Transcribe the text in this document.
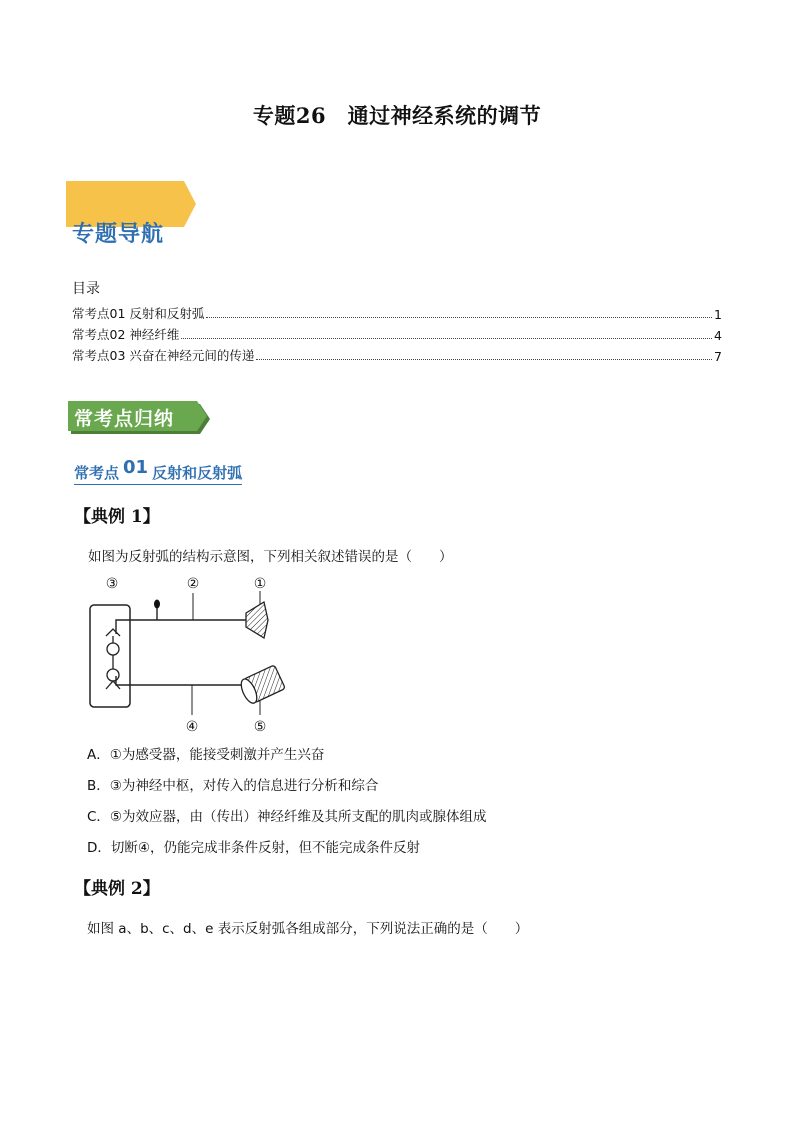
专题26　通过神经系统的调节
专题导航
目录
常考点01 反射和反射弧	1
常考点02 神经纤维	4
常考点03 兴奋在神经元间的传递	7
常考点归纳
常考点 01 反射和反射弧
【典例 1】
如图为反射弧的结构示意图，下列相关叙述错误的是（　　）
③	②	①
④	⑤
A．①为感受器，能接受刺激并产生兴奋
B．③为神经中枢，对传入的信息进行分析和综合
C．⑤为效应器，由（传出）神经纤维及其所支配的肌肉或腺体组成
D．切断④，仍能完成非条件反射，但不能完成条件反射
【典例 2】
如图 a、b、c、d、e 表示反射弧各组成部分，下列说法正确的是（　　）
